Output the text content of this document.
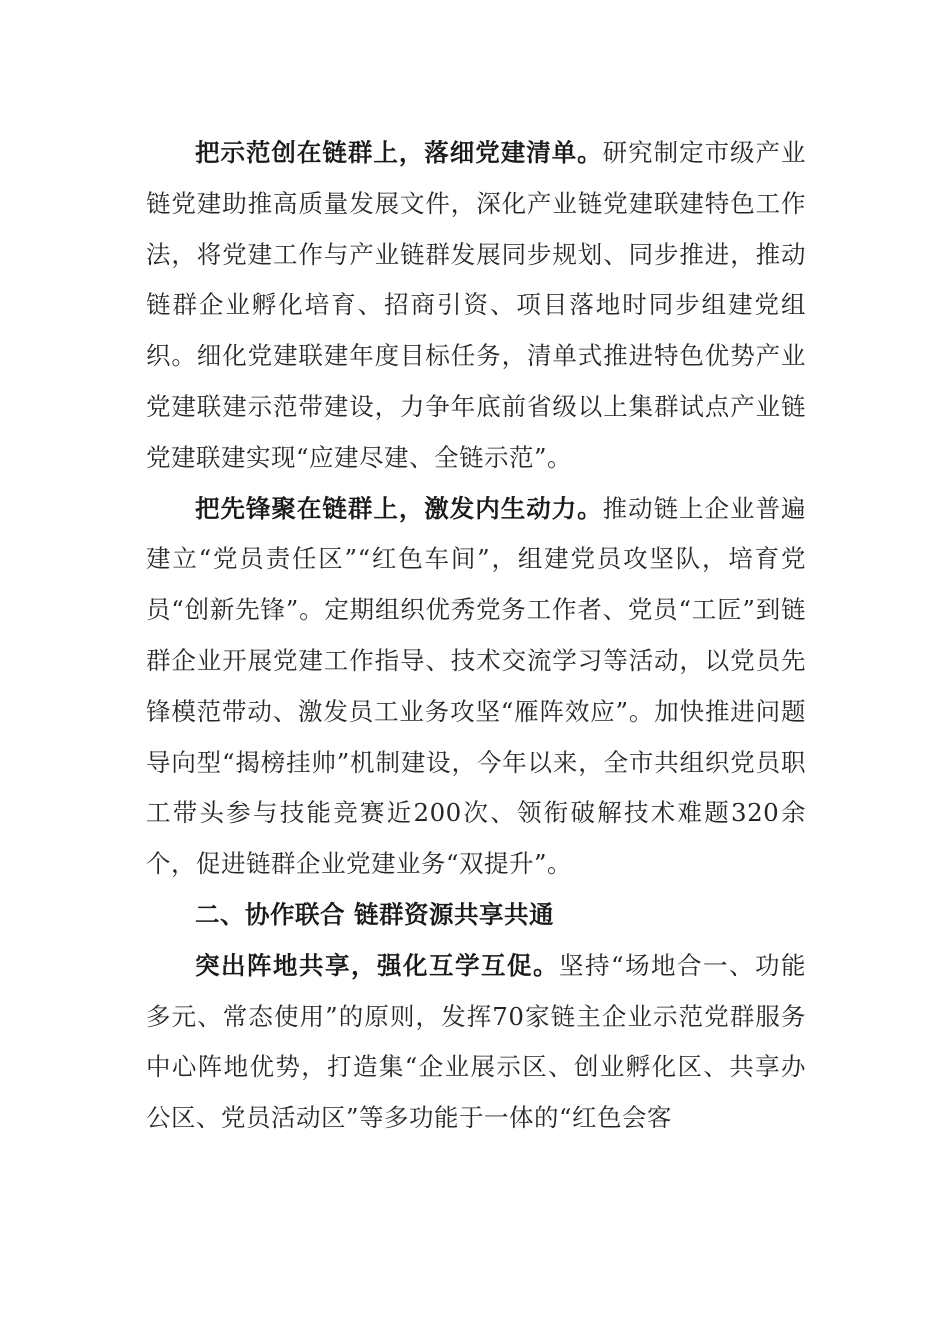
把示范创在链群上，落细党建清单。研究制定市级产业链党建助推高质量发展文件，深化产业链党建联建特色工作法，将党建工作与产业链群发展同步规划、同步推进，推动链群企业孵化培育、招商引资、项目落地时同步组建党组织。细化党建联建年度目标任务，清单式推进特色优势产业党建联建示范带建设，力争年底前省级以上集群试点产业链党建联建实现“应建尽建、全链示范”。

把先锋聚在链群上，激发内生动力。推动链上企业普遍建立“党员责任区”“红色车间”，组建党员攻坚队，培育党员“创新先锋”。定期组织优秀党务工作者、党员“工匠”到链群企业开展党建工作指导、技术交流学习等活动，以党员先锋模范带动、激发员工业务攻坚“雁阵效应”。加快推进问题导向型“揭榜挂帅”机制建设，今年以来，全市共组织党员职工带头参与技能竞赛近200次、领衔破解技术难题320余个，促进链群企业党建业务“双提升”。

二、协作联合 链群资源共享共通

突出阵地共享，强化互学互促。坚持“场地合一、功能多元、常态使用”的原则，发挥70家链主企业示范党群服务中心阵地优势，打造集“企业展示区、创业孵化区、共享办公区、党员活动区”等多功能于一体的“红色会客
